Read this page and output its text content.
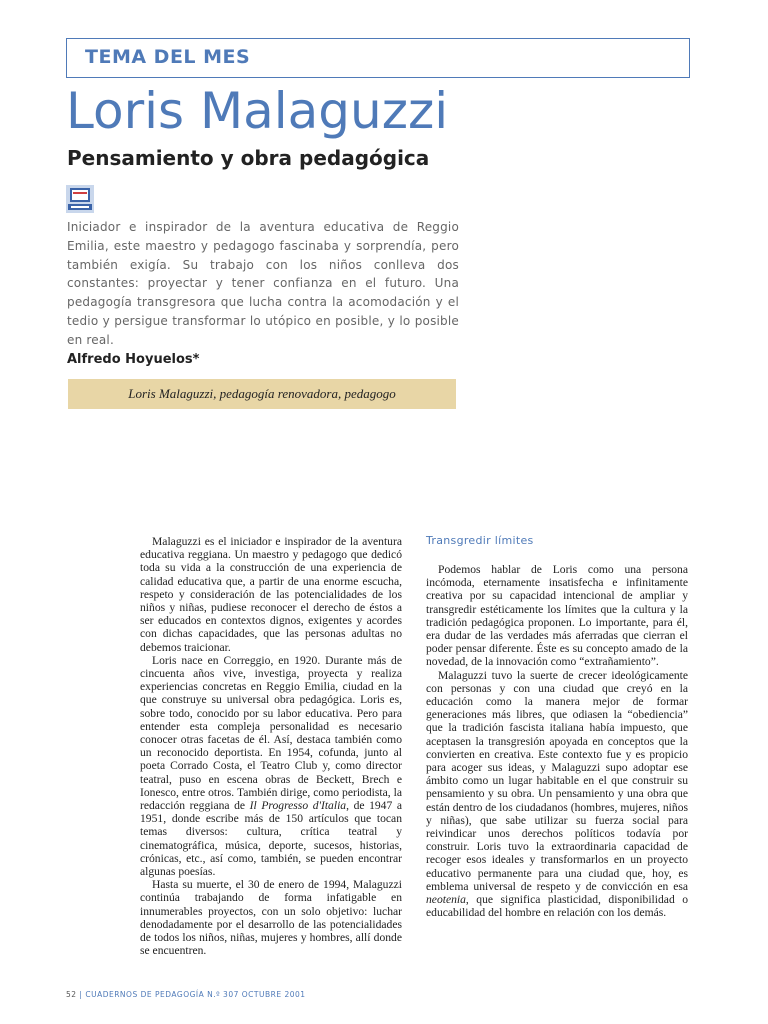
TEMA DEL MES
Loris Malaguzzi
Pensamiento y obra pedagógica

Iniciador e inspirador de la aventura educativa de Reggio Emilia, este maestro y pedagogo fascinaba y sorprendía, pero también exigía. Su trabajo con los niños conlleva dos constantes: proyectar y tener confianza en el futuro. Una pedagogía transgresora que lucha contra la acomodación y el tedio y persigue transformar lo utópico en posible, y lo posible en real.

Alfredo Hoyuelos*
Loris Malaguzzi, pedagogía renovadora, pedagogo

Malaguzzi es el iniciador e inspirador de la aventura educativa reggiana. Un maestro y pedagogo que dedicó toda su vida a la construcción de una experiencia de calidad educativa que, a partir de una enorme escucha, respeto y consideración de las potencialidades de los niños y niñas, pudiese reconocer el derecho de éstos a ser educados en contextos dignos, exigentes y acordes con dichas capacidades, que las personas adultas no debemos traicionar.

Loris nace en Correggio, en 1920. Durante más de cincuenta años vive, investiga, proyecta y realiza experiencias concretas en Reggio Emilia, ciudad en la que construye su universal obra pedagógica. Loris es, sobre todo, conocido por su labor educativa. Pero para entender esta compleja personalidad es necesario conocer otras facetas de él. Así, destaca también como un reconocido deportista. En 1954, cofunda, junto al poeta Corrado Costa, el Teatro Club y, como director teatral, puso en escena obras de Beckett, Brech e Ionesco, entre otros. También dirige, como periodista, la redacción reggiana de Il Progresso d'Italia, de 1947 a 1951, donde escribe más de 150 artículos que tocan temas diversos: cultura, crítica teatral y cinematográfica, música, deporte, sucesos, historias, crónicas, etc., así como, también, se pueden encontrar algunas poesías.

Hasta su muerte, el 30 de enero de 1994, Malaguzzi continúa trabajando de forma infatigable en innumerables proyectos, con un solo objetivo: luchar denodadamente por el desarrollo de las potencialidades de todos los niños, niñas, mujeres y hombres, allí donde se encuentren.

Transgredir límites

Podemos hablar de Loris como una persona incómoda, eternamente insatisfecha e infinitamente creativa por su capacidad intencional de ampliar y transgredir estéticamente los límites que la cultura y la tradición pedagógica proponen. Lo importante, para él, era dudar de las verdades más aferradas que cierran el poder pensar diferente. Éste es su concepto amado de la novedad, de la innovación como “extrañamiento”.

Malaguzzi tuvo la suerte de crecer ideológicamente con personas y con una ciudad que creyó en la educación como la manera mejor de formar generaciones más libres, que odiasen la “obediencia” que la tradición fascista italiana había impuesto, que aceptasen la transgresión apoyada en conceptos que la convierten en creativa. Este contexto fue y es propicio para acoger sus ideas, y Malaguzzi supo adoptar ese ámbito como un lugar habitable en el que construir su pensamiento y su obra. Un pensamiento y una obra que están dentro de los ciudadanos (hombres, mujeres, niños y niñas), que sabe utilizar su fuerza social para reivindicar unos derechos políticos todavía por construir. Loris tuvo la extraordinaria capacidad de recoger esos ideales y transformarlos en un proyecto educativo permanente para una ciudad que, hoy, es emblema universal de respeto y de convicción en esa neotenia, que significa plasticidad, disponibilidad o educabilidad del hombre en relación con los demás.

52 | CUADERNOS DE PEDAGOGÍA N.º 307 OCTUBRE 2001
